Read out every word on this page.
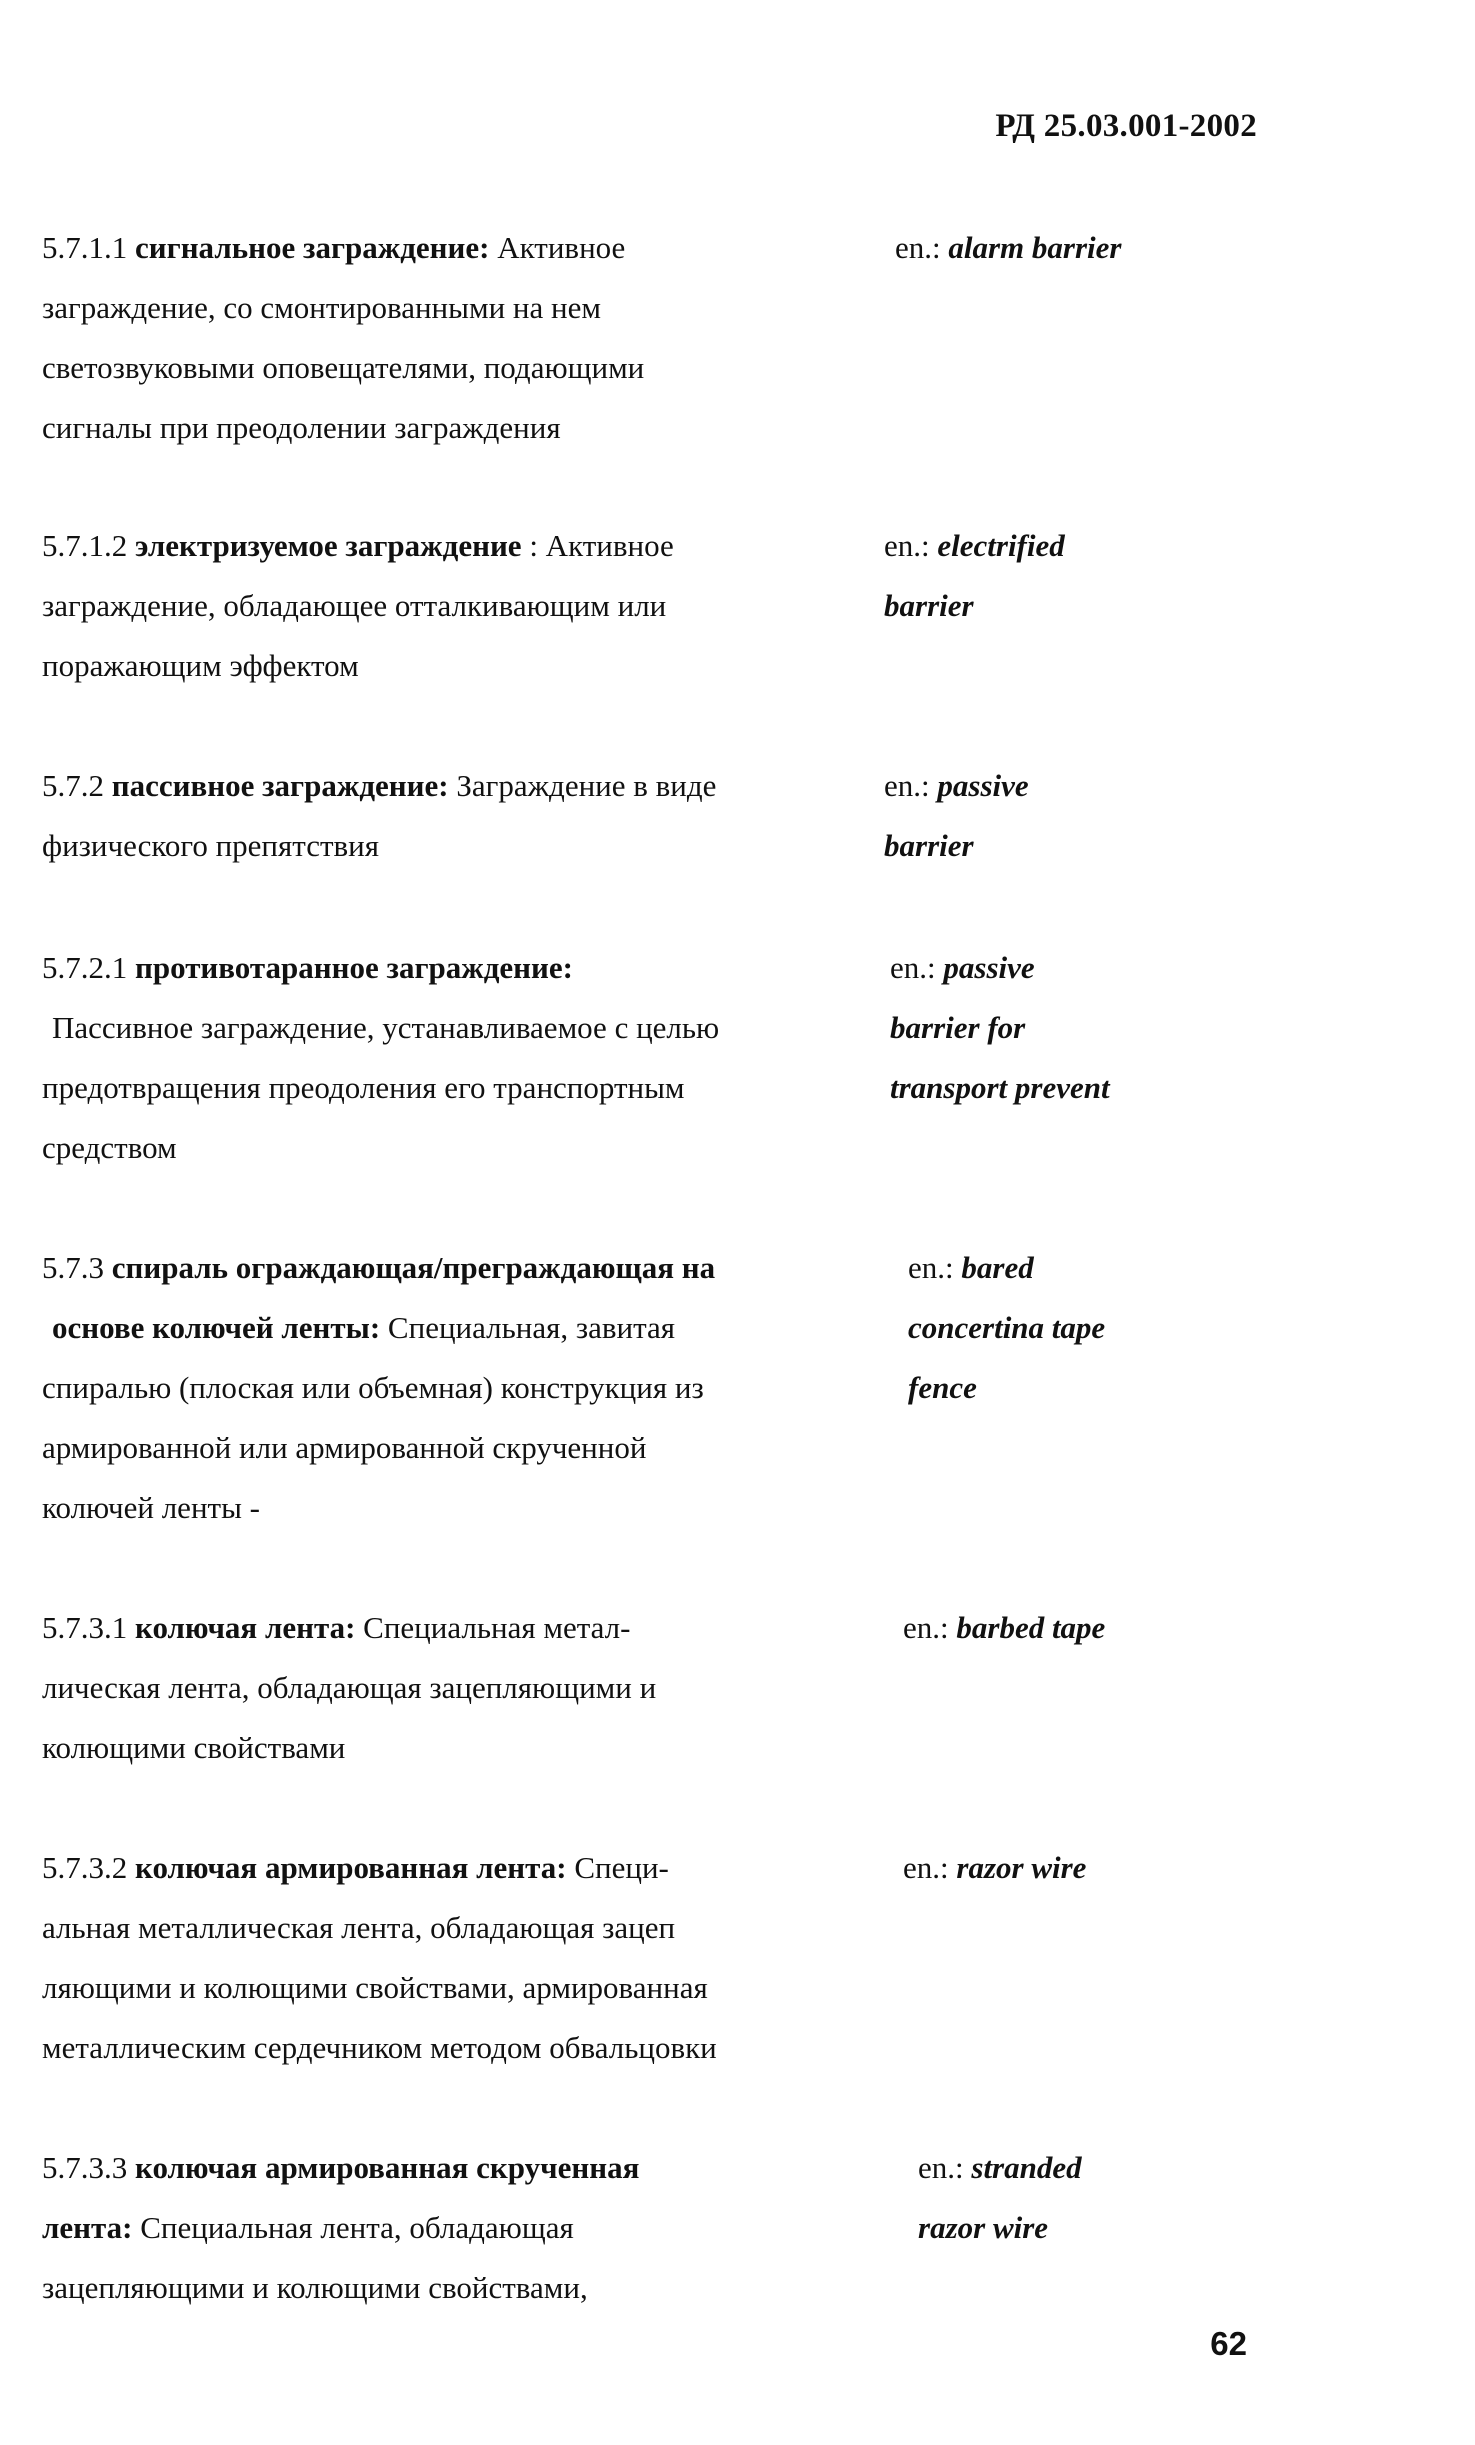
РД 25.03.001-2002
5.7.1.1 сигнальное заграждение: Активное
заграждение, со смонтированными на нем
светозвуковыми оповещателями, подающими
сигналы при преодолении заграждения
en.: alarm barrier
5.7.1.2 электризуемое заграждение : Активное
заграждение, обладающее отталкивающим или
поражающим эффектом
en.: electrified
barrier
5.7.2 пассивное заграждение: Заграждение в виде
физического препятствия
en.: passive
barrier
5.7.2.1 противотаранное заграждение:
Пассивное заграждение, устанавливаемое с целью
предотвращения преодоления его транспортным
средством
en.: passive
barrier for
transport prevent
5.7.3 спираль ограждающая/преграждающая на
основе колючей ленты: Специальная, завитая
спиралью (плоская или объемная) конструкция из
армированной или армированной скрученной
колючей ленты -
en.: bared
concertina tape
fence
5.7.3.1 колючая лента: Специальная метал-
лическая лента, обладающая зацепляющими и
колющими свойствами
en.: barbed tape
5.7.3.2 колючая армированная лента: Специ-
альная металлическая лента, обладающая зацеп
ляющими и колющими свойствами, армированная
металлическим сердечником методом обвальцовки
en.: razor wire
5.7.3.3 колючая армированная скрученная
лента: Специальная лента, обладающая
зацепляющими и колющими свойствами,
en.: stranded
razor wire
62
